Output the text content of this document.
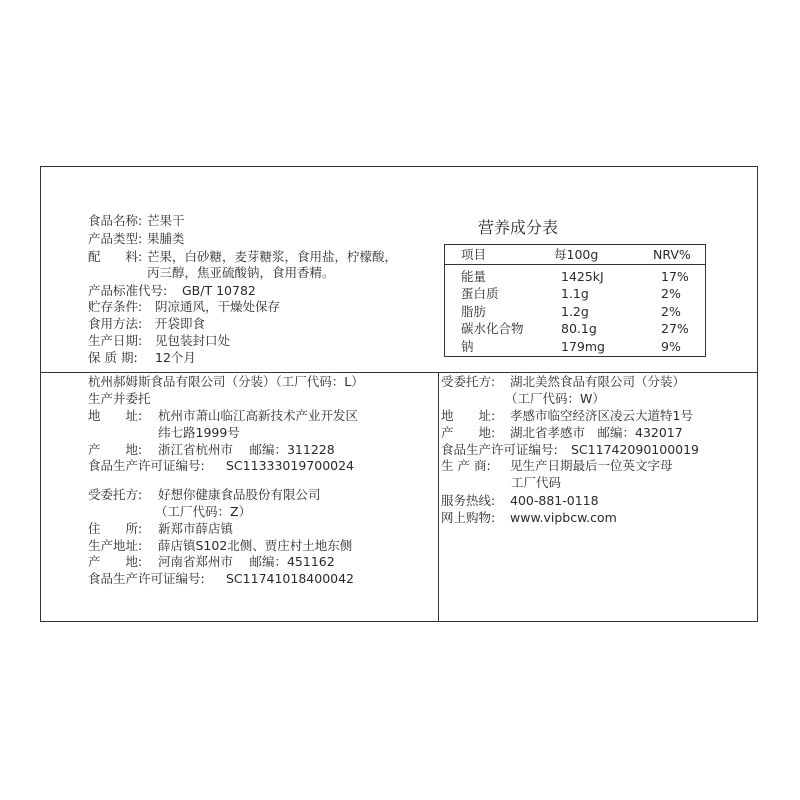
食品名称: 芒果干
产品类型: 果脯类
配　　料: 芒果，白砂糖，麦芽糖浆，食用盐，柠檬酸，
丙三醇，焦亚硫酸钠，食用香精。
产品标准代号: GB/T 10782
贮存条件: 阴凉通风，干燥处保存
食用方法: 开袋即食
生产日期: 见包装封口处
保 质 期: 12个月
营养成分表
项目	每100g	NRV%
能量	1425kJ	17%
蛋白质	1.1g	2%
脂肪	1.2g	2%
碳水化合物	80.1g	27%
钠	179mg	9%
杭州郝姆斯食品有限公司（分装）（工厂代码：L）
生产并委托
地　　址: 杭州市萧山临江高新技术产业开发区
纬七路1999号
产　　地: 浙江省杭州市　 邮编：311228
食品生产许可证编号: SC11333019700024
受委托方: 好想你健康食品股份有限公司
（工厂代码：Z）
住　　所: 新郑市薛店镇
生产地址: 薛店镇S102北侧、贾庄村土地东侧
产　　地: 河南省郑州市　 邮编：451162
食品生产许可证编号: SC11741018400042
受委托方: 湖北美然食品有限公司（分装）
（工厂代码：W）
地　　址: 孝感市临空经济区凌云大道特1号
产　　地: 湖北省孝感市　邮编：432017
食品生产许可证编号: SC11742090100019
生 产 商: 见生产日期最后一位英文字母
工厂代码
服务热线: 400-881-0118
网上购物: www.vipbcw.com
